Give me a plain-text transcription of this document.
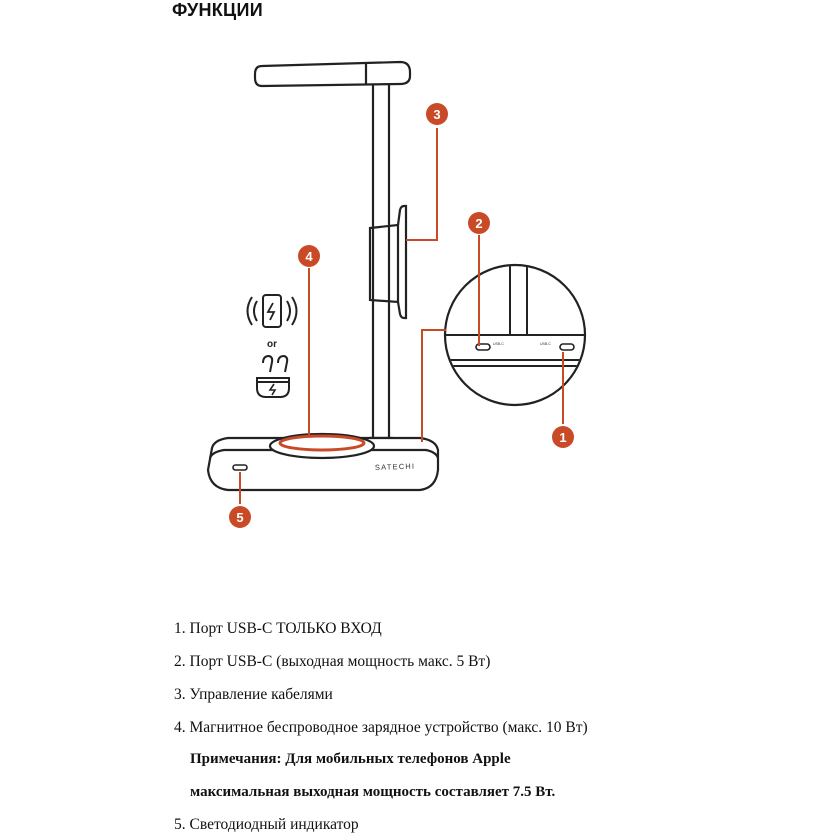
ФУНКЦИИ
SATECHI
USB-C	USB-C
3
2
4
1
5
or
1. Порт USB-C ТОЛЬКО ВХОД
2. Порт USB-C (выходная мощность макс. 5 Вт)
3. Управление кабелями
4. Магнитное беспроводное зарядное устройство (макс. 10 Вт)
Примечания: Для мобильных телефонов Apple
максимальная выходная мощность составляет 7.5 Вт.
5. Светодиодный индикатор
